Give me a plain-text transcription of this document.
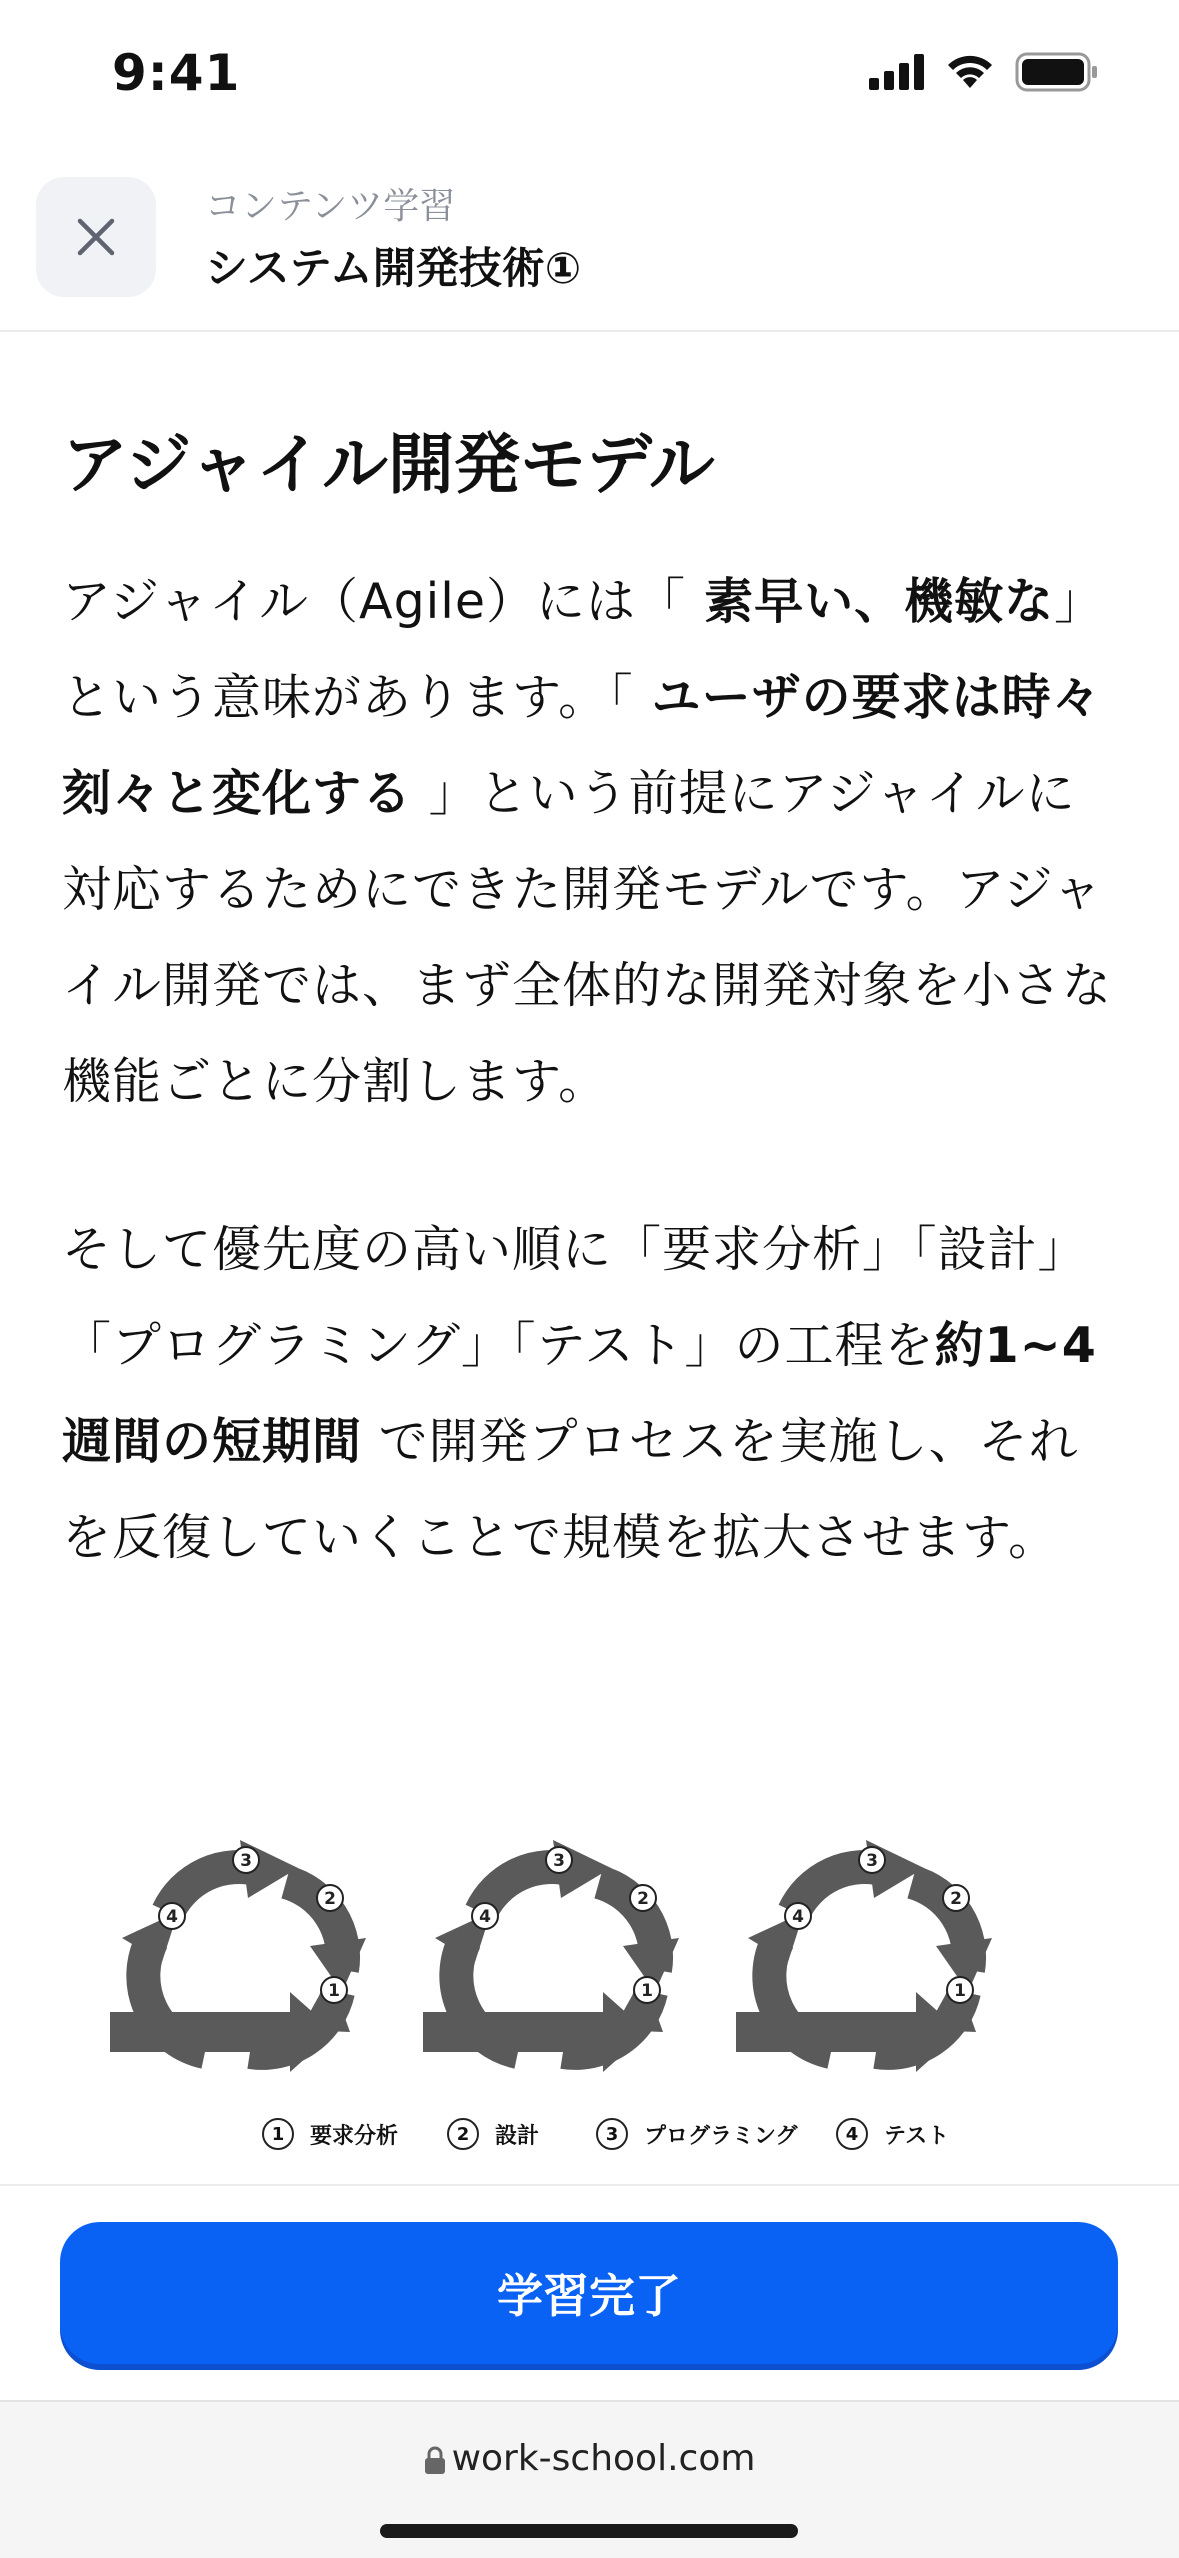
9:41
コンテンツ学習
システム開発技術①
アジャイル開発モデル

アジャイル（Agile）には「 素早い、機敏な」という意味があります。「 ユーザの要求は時々刻々と変化する 」という前提にアジャイルに対応するためにできた開発モデルです。アジャイル開発では、まず全体的な開発対象を小さな機能ごとに分割します。

そして優先度の高い順に「要求分析」「設計」「プログラミング」「テスト」の工程を約1~4週間の短期間 で開発プロセスを実施し、それを反復していくことで規模を拡大させます。

1
2
3
4
1
2
3
4
1
2
3
4
1	要求分析	2	設計	3	プログラミング	4	テスト
学習完了
work-school.com
